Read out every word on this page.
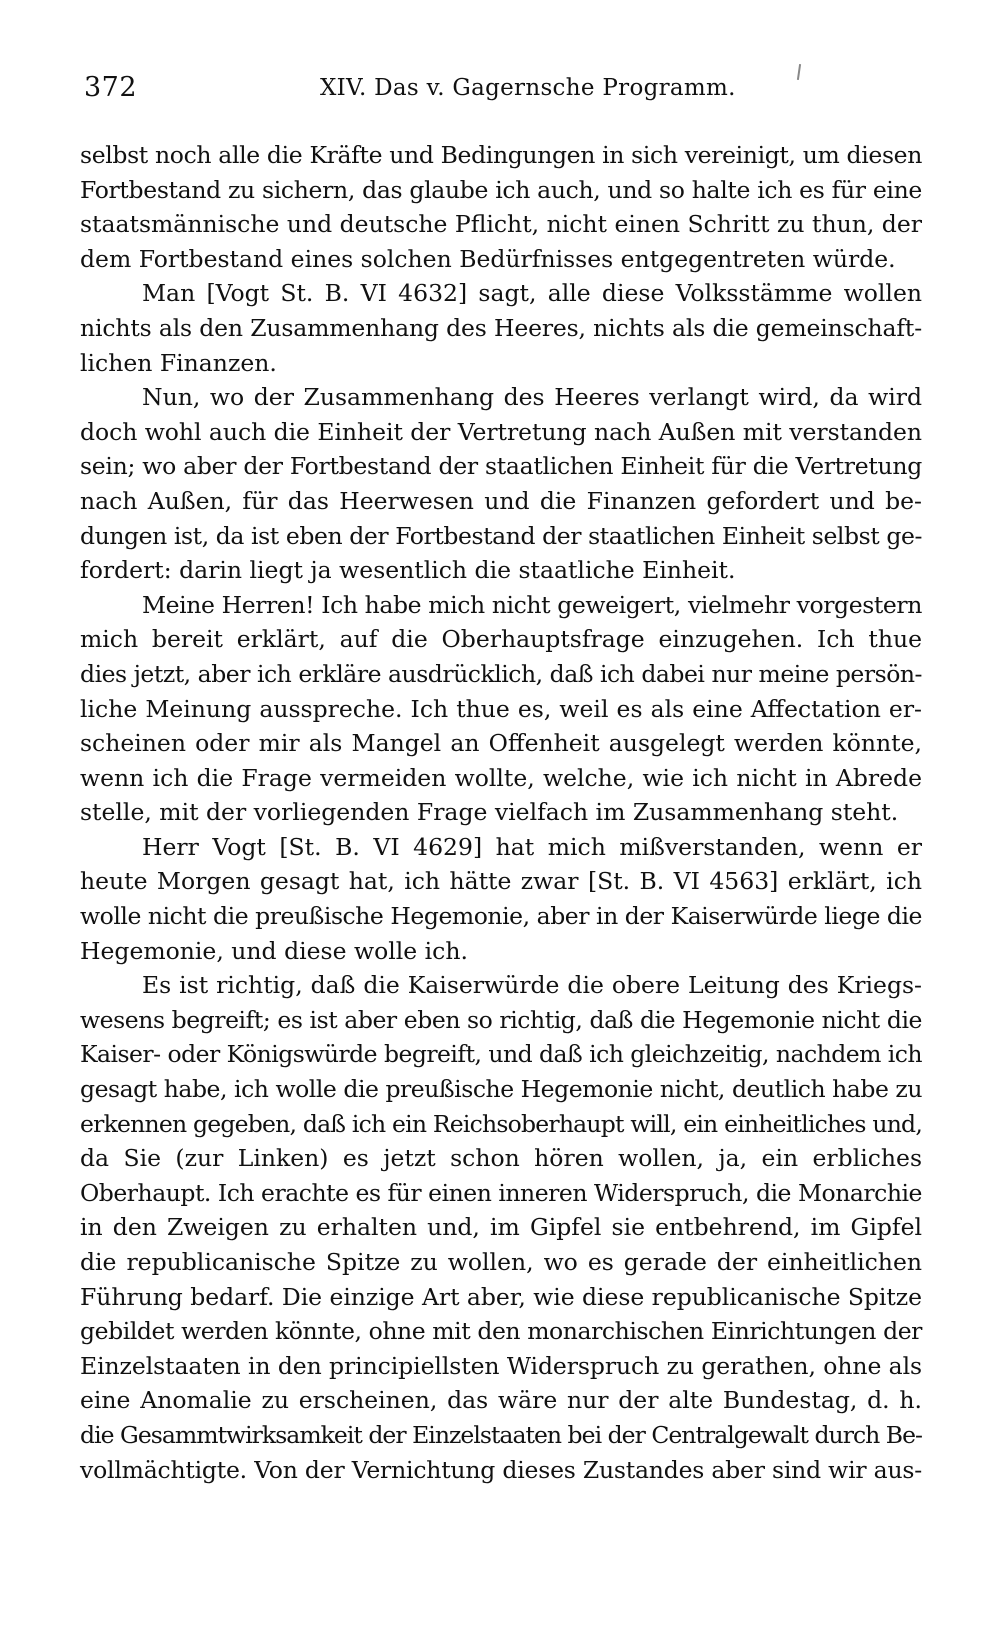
372	XIV. Das v. Gagernsche Programm.
selbst noch alle die Kräfte und Bedingungen in sich vereinigt, um diesen
Fortbestand zu sichern, das glaube ich auch, und so halte ich es für eine
staatsmännische und deutsche Pflicht, nicht einen Schritt zu thun, der
dem Fortbestand eines solchen Bedürfnisses entgegentreten würde.
Man [Vogt St. B. VI 4632] sagt, alle diese Volksstämme wollen
nichts als den Zusammenhang des Heeres, nichts als die gemeinschaft-
lichen Finanzen.
Nun, wo der Zusammenhang des Heeres verlangt wird, da wird
doch wohl auch die Einheit der Vertretung nach Außen mit verstanden
sein; wo aber der Fortbestand der staatlichen Einheit für die Vertretung
nach Außen, für das Heerwesen und die Finanzen gefordert und be-
dungen ist, da ist eben der Fortbestand der staatlichen Einheit selbst ge-
fordert: darin liegt ja wesentlich die staatliche Einheit.
Meine Herren! Ich habe mich nicht geweigert, vielmehr vorgestern
mich bereit erklärt, auf die Oberhauptsfrage einzugehen. Ich thue
dies jetzt, aber ich erkläre ausdrücklich, daß ich dabei nur meine persön-
liche Meinung ausspreche. Ich thue es, weil es als eine Affectation er-
scheinen oder mir als Mangel an Offenheit ausgelegt werden könnte,
wenn ich die Frage vermeiden wollte, welche, wie ich nicht in Abrede
stelle, mit der vorliegenden Frage vielfach im Zusammenhang steht.
Herr Vogt [St. B. VI 4629] hat mich mißverstanden, wenn er
heute Morgen gesagt hat, ich hätte zwar [St. B. VI 4563] erklärt, ich
wolle nicht die preußische Hegemonie, aber in der Kaiserwürde liege die
Hegemonie, und diese wolle ich.
Es ist richtig, daß die Kaiserwürde die obere Leitung des Kriegs-
wesens begreift; es ist aber eben so richtig, daß die Hegemonie nicht die
Kaiser- oder Königswürde begreift, und daß ich gleichzeitig, nachdem ich
gesagt habe, ich wolle die preußische Hegemonie nicht, deutlich habe zu
erkennen gegeben, daß ich ein Reichsoberhaupt will, ein einheitliches und,
da Sie (zur Linken) es jetzt schon hören wollen, ja, ein erbliches
Oberhaupt. Ich erachte es für einen inneren Widerspruch, die Monarchie
in den Zweigen zu erhalten und, im Gipfel sie entbehrend, im Gipfel
die republicanische Spitze zu wollen, wo es gerade der einheitlichen
Führung bedarf. Die einzige Art aber, wie diese republicanische Spitze
gebildet werden könnte, ohne mit den monarchischen Einrichtungen der
Einzelstaaten in den principiellsten Widerspruch zu gerathen, ohne als
eine Anomalie zu erscheinen, das wäre nur der alte Bundestag, d. h.
die Gesammtwirksamkeit der Einzelstaaten bei der Centralgewalt durch Be-
vollmächtigte. Von der Vernichtung dieses Zustandes aber sind wir aus-
